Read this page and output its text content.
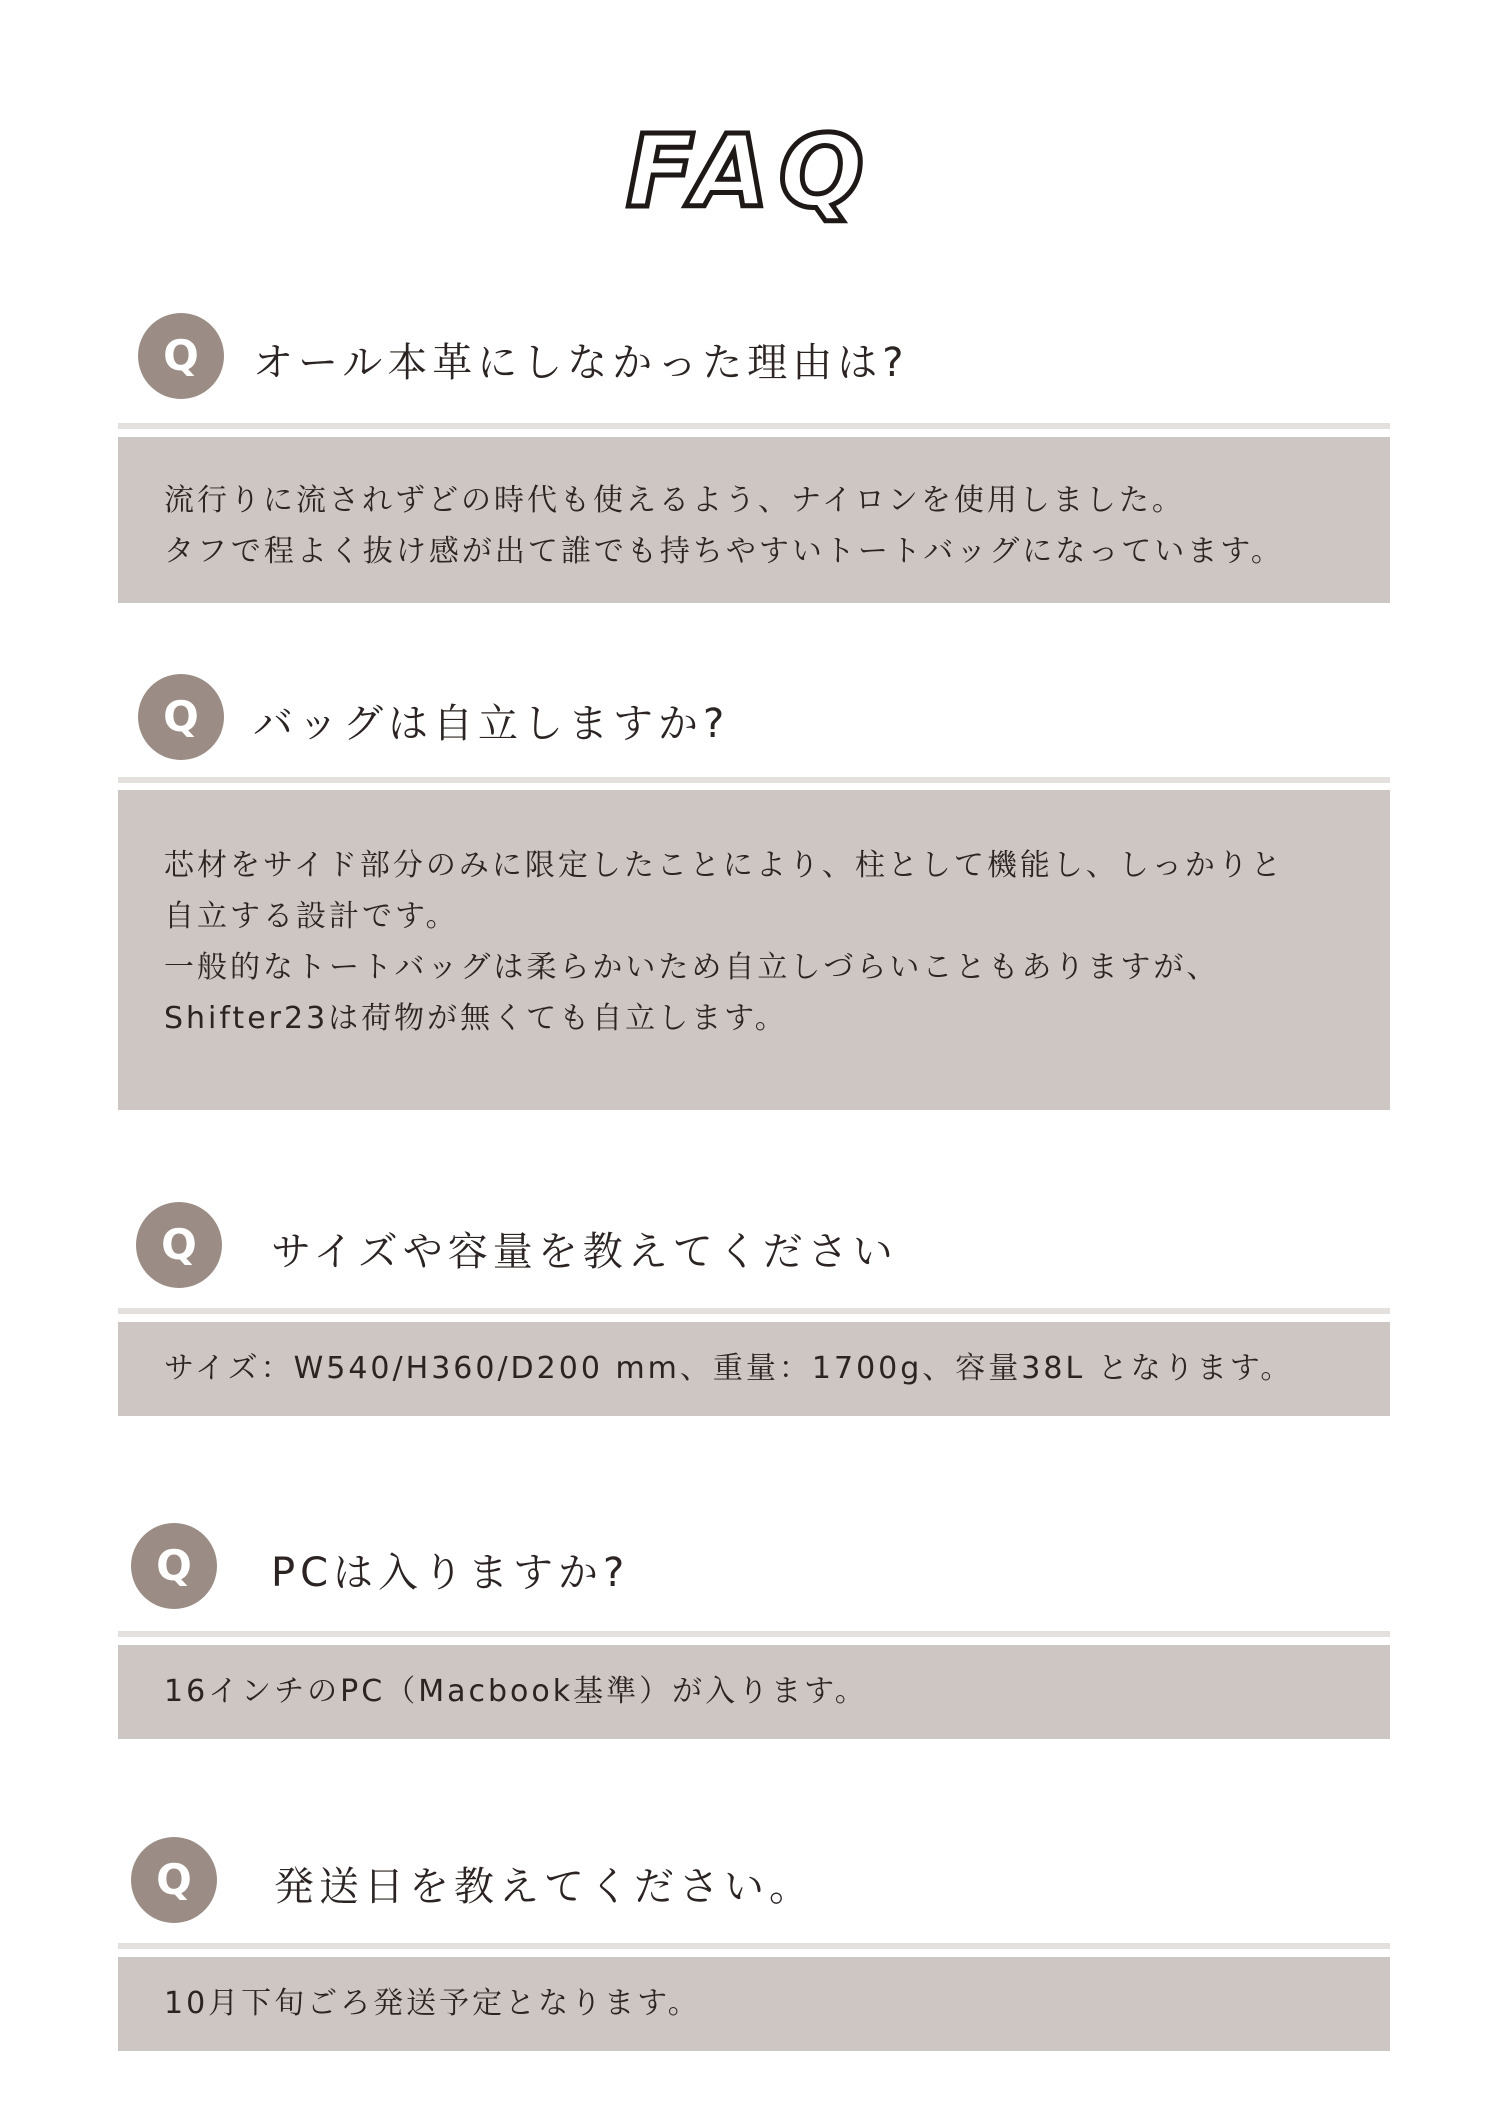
FAQ
Q	オール本革にしなかった理由は?
流行りに流されずどの時代も使えるよう、ナイロンを使用しました。
タフで程よく抜け感が出て誰でも持ちやすいトートバッグになっています。
Q	バッグは自立しますか?
芯材をサイド部分のみに限定したことにより、柱として機能し、しっかりと
自立する設計です。
一般的なトートバッグは柔らかいため自立しづらいこともありますが、
Shifter23は荷物が無くても自立します。
Q	サイズや容量を教えてください
サイズ：W540/H360/D200 mm、重量：1700g、容量38L となります。
Q	PCは入りますか?
16インチのPC（Macbook基準）が入ります。
Q	発送日を教えてください。
10月下旬ごろ発送予定となります。
